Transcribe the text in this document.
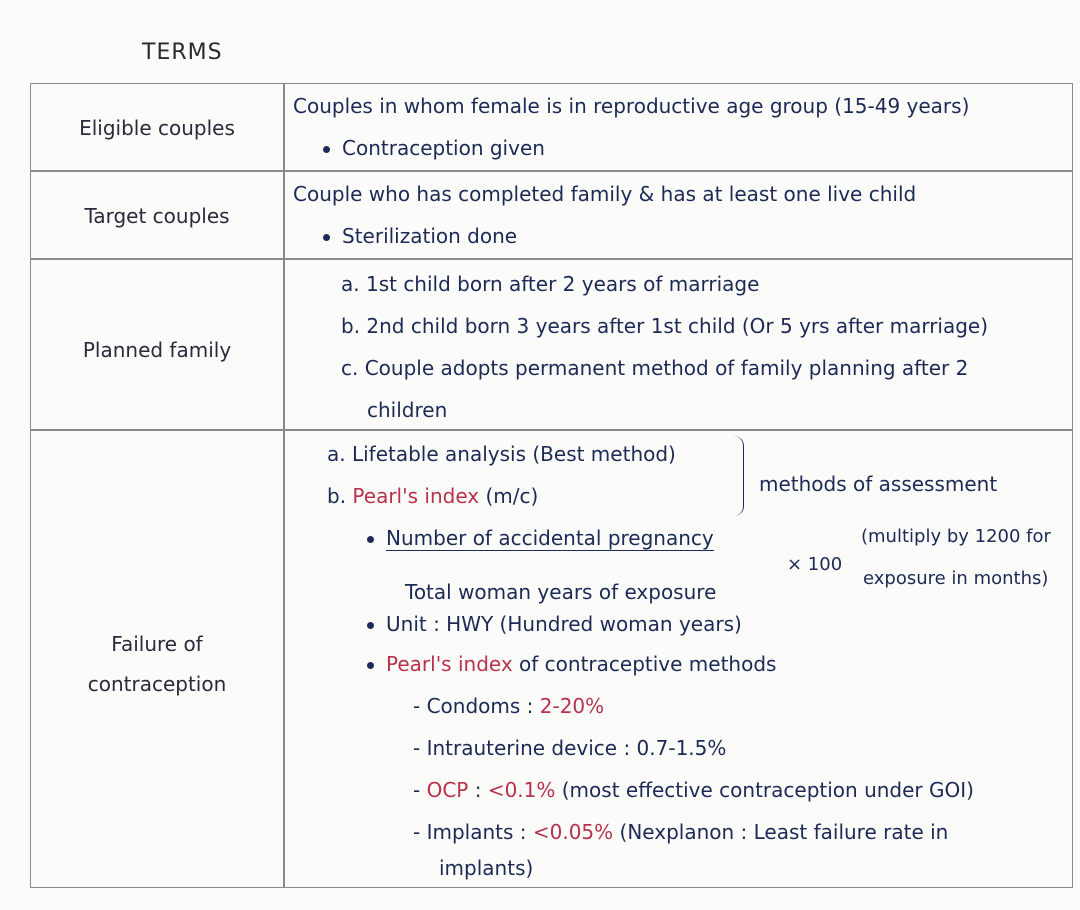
TERMS
Eligible couples
Couples in whom female is in reproductive age group (15-49 years)
Contraception given
Target couples
Couple who has completed family & has at least one live child
Sterilization done
Planned family
a. 1st child born after 2 years of marriage
b. 2nd child born 3 years after 1st child (Or 5 yrs after marriage)
c. Couple adopts permanent method of family planning after 2
children
Failure of
contraception
a. Lifetable analysis (Best method)
b. Pearl's index (m/c)	methods of assessment
Number of accidental pregnancy
× 100
Total woman years of exposure
(multiply by 1200 for
exposure in months)
Unit : HWY (Hundred woman years)
Pearl's index of contraceptive methods
- Condoms : 2-20%
- Intrauterine device : 0.7-1.5%
- OCP : <0.1% (most effective contraception under GOI)
- Implants : <0.05% (Nexplanon : Least failure rate in
implants)
